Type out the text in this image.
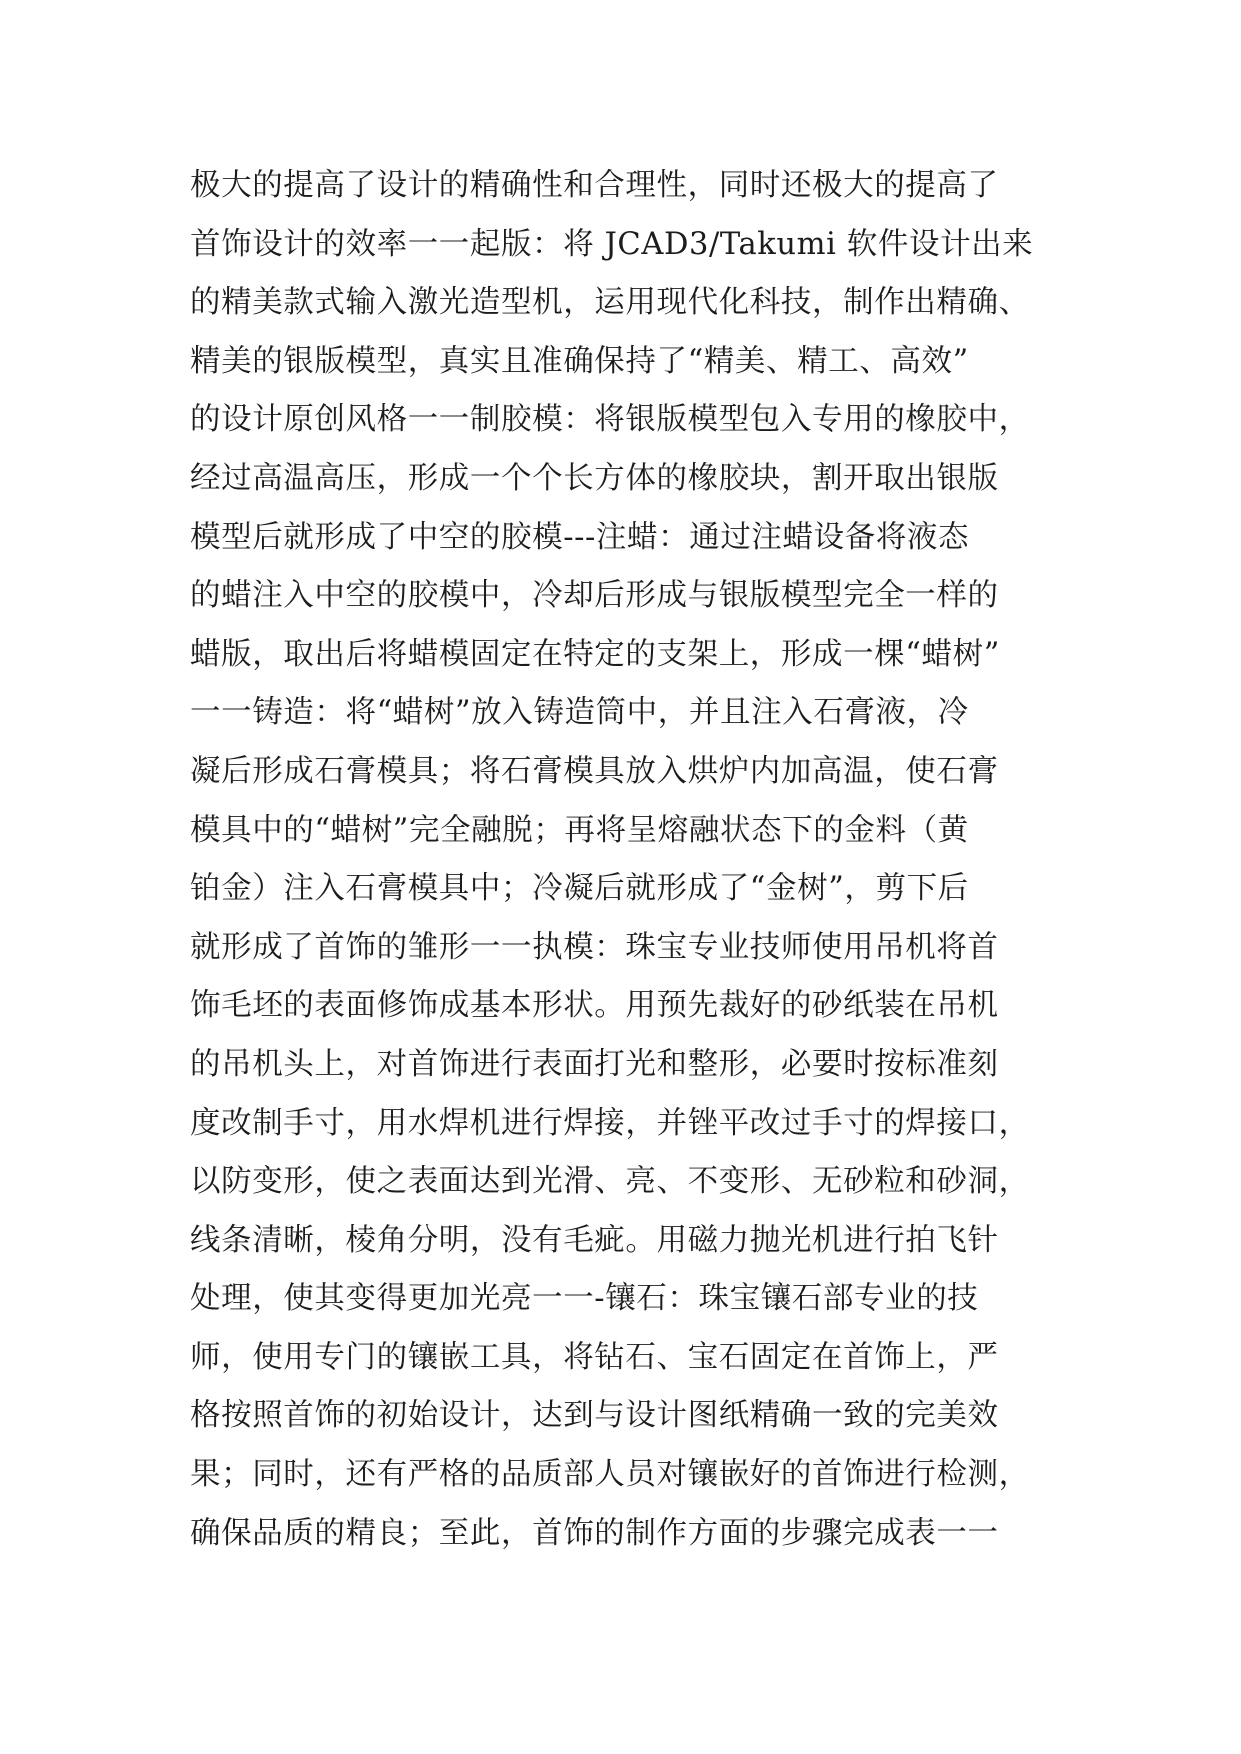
极大的提高了设计的精确性和合理性，同时还极大的提高了
首饰设计的效率一一起版：将 JCAD3/Takumi 软件设计出来
的精美款式输入激光造型机，运用现代化科技，制作出精确、
精美的银版模型，真实且准确保持了“精美、精工、高效”
的设计原创风格一一制胶模：将银版模型包入专用的橡胶中，
经过高温高压，形成一个个长方体的橡胶块，割开取出银版
模型后就形成了中空的胶模---注蜡：通过注蜡设备将液态
的蜡注入中空的胶模中，冷却后形成与银版模型完全一样的
蜡版，取出后将蜡模固定在特定的支架上，形成一棵“蜡树”
一一铸造：将“蜡树”放入铸造筒中，并且注入石膏液，冷
凝后形成石膏模具；将石膏模具放入烘炉内加高温，使石膏
模具中的“蜡树”完全融脱；再将呈熔融状态下的金料（黄
铂金）注入石膏模具中；冷凝后就形成了“金树”，剪下后
就形成了首饰的雏形一一执模：珠宝专业技师使用吊机将首
饰毛坯的表面修饰成基本形状。用预先裁好的砂纸装在吊机
的吊机头上，对首饰进行表面打光和整形，必要时按标准刻
度改制手寸，用水焊机进行焊接，并锉平改过手寸的焊接口，
以防变形，使之表面达到光滑、亮、不变形、无砂粒和砂洞，
线条清晰，棱角分明，没有毛疵。用磁力抛光机进行拍飞针
处理，使其变得更加光亮一一-镶石：珠宝镶石部专业的技
师，使用专门的镶嵌工具，将钻石、宝石固定在首饰上，严
格按照首饰的初始设计，达到与设计图纸精确一致的完美效
果；同时，还有严格的品质部人员对镶嵌好的首饰进行检测，
确保品质的精良；至此，首饰的制作方面的步骤完成表一一
